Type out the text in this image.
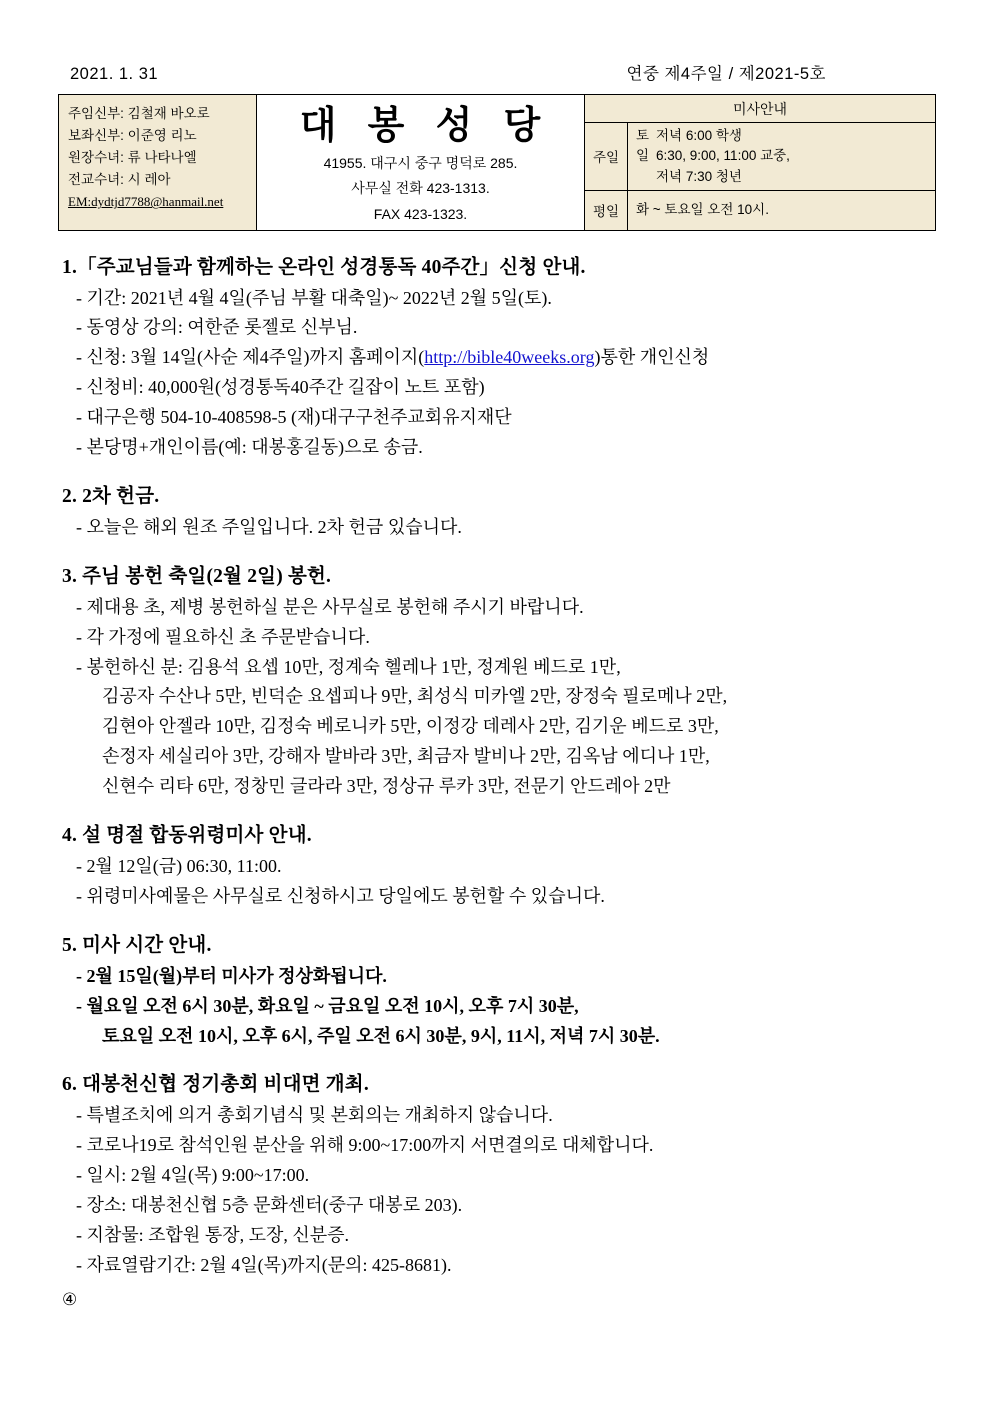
2021. 1. 31	연중 제4주일 / 제2021-5호
주임신부: 김철재 바오로
보좌신부: 이준영 리노
원장수녀: 류 나타나엘
전교수녀: 시 레아
EM:dydtjd7788@hanmail.net
대 봉 성 당
41955. 대구시 중구 명덕로 285.
사무실 전화 423-1313.
FAX 423-1323.
미사안내
주일
토 저녁 6:00 학생
일 6:30, 9:00, 11:00 교중,
저녁 7:30 청년
평일	화 ~ 토요일 오전 10시.
1.「주교님들과 함께하는 온라인 성경통독 40주간」신청 안내.
- 기간: 2021년 4월 4일(주님 부활 대축일)~ 2022년 2월 5일(토).
- 동영상 강의: 여한준 롯젤로 신부님.
- 신청: 3월 14일(사순 제4주일)까지 홈페이지(http://bible40weeks.org)통한 개인신청
- 신청비: 40,000원(성경통독40주간 길잡이 노트 포함)
- 대구은행 504-10-408598-5 (재)대구구천주교회유지재단
- 본당명+개인이름(예: 대봉홍길동)으로 송금.
2. 2차 헌금.
- 오늘은 해외 원조 주일입니다. 2차 헌금 있습니다.
3. 주님 봉헌 축일(2월 2일) 봉헌.
- 제대용 초, 제병 봉헌하실 분은 사무실로 봉헌해 주시기 바랍니다.
- 각 가정에 필요하신 초 주문받습니다.
- 봉헌하신 분: 김용석 요셉 10만, 정계숙 헬레나 1만, 정계원 베드로 1만,
김공자 수산나 5만, 빈덕순 요셉피나 9만, 최성식 미카엘 2만, 장정숙 필로메나 2만,
김현아 안젤라 10만, 김정숙 베로니카 5만, 이정강 데레사 2만, 김기운 베드로 3만,
손정자 세실리아 3만, 강해자 발바라 3만, 최금자 발비나 2만, 김옥남 에디나 1만,
신현수 리타 6만, 정창민 글라라 3만, 정상규 루카 3만, 전문기 안드레아 2만
4. 설 명절 합동위령미사 안내.
- 2월 12일(금) 06:30, 11:00.
- 위령미사예물은 사무실로 신청하시고 당일에도 봉헌할 수 있습니다.
5. 미사 시간 안내.
- 2월 15일(월)부터 미사가 정상화됩니다.
- 월요일 오전 6시 30분, 화요일 ~ 금요일 오전 10시, 오후 7시 30분,
토요일 오전 10시, 오후 6시, 주일 오전 6시 30분, 9시, 11시, 저녁 7시 30분.
6. 대봉천신협 정기총회 비대면 개최.
- 특별조치에 의거 총회기념식 및 본회의는 개최하지 않습니다.
- 코로나19로 참석인원 분산을 위해 9:00~17:00까지 서면결의로 대체합니다.
- 일시: 2월 4일(목) 9:00~17:00.
- 장소: 대봉천신협 5층 문화센터(중구 대봉로 203).
- 지참물: 조합원 통장, 도장, 신분증.
- 자료열람기간: 2월 4일(목)까지(문의: 425-8681).
④
